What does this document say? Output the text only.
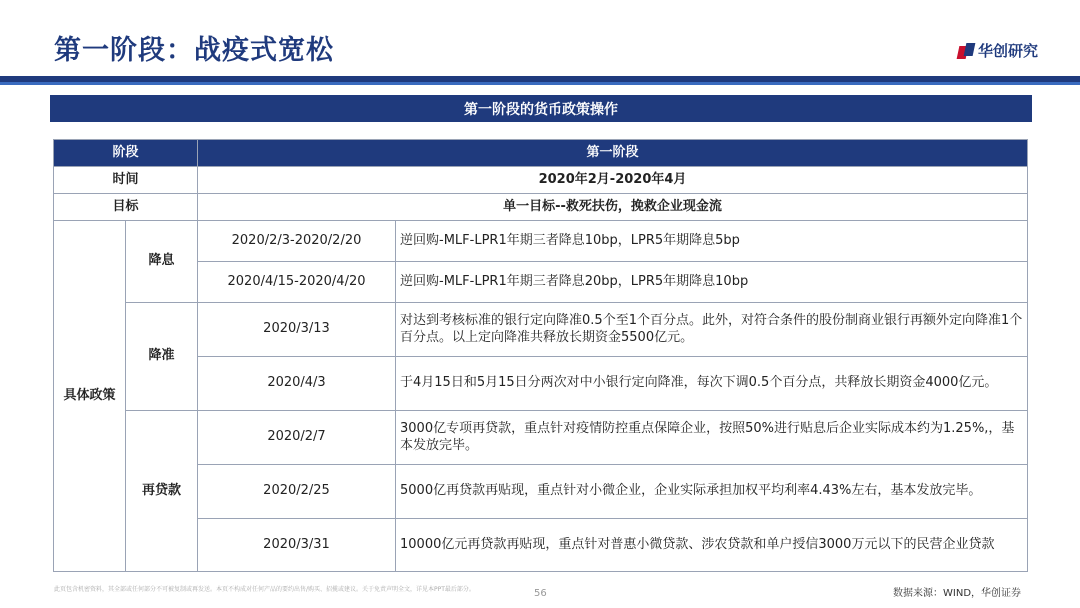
第一阶段：战疫式宽松	华创研究
第一阶段的货币政策操作
阶段		第一阶段	
时间		2020年2月-2020年4月	
目标		单一目标--救死扶伤，挽救企业现金流	
具体政策	降息	2020/2/3-2020/2/20	逆回购-MLF-LPR1年期三者降息10bp，LPR5年期降息5bp
		2020/4/15-2020/4/20	逆回购-MLF-LPR1年期三者降息20bp，LPR5年期降息10bp
	降准	2020/3/13	对达到考核标准的银行定向降准0.5个至1个百分点。此外，对符合条件的股份制商业银行再额外定向降准1个百分点。以上定向降准共释放长期资金5500亿元。
		2020/4/3	于4月15日和5月15日分两次对中小银行定向降准，每次下调0.5个百分点，共释放长期资金4000亿元。
	再贷款	2020/2/7	3000亿专项再贷款，重点针对疫情防控重点保障企业，按照50%进行贴息后企业实际成本约为1.25%,，基本发放完毕。
		2020/2/25	5000亿再贷款再贴现，重点针对小微企业，企业实际承担加权平均利率4.43%左右，基本发放完毕。
		2020/3/31	10000亿元再贷款再贴现，重点针对普惠小微贷款、涉农贷款和单户授信3000万元以下的民营企业贷款
此页包含机密资料，其全部或任何部分不可被复制或再发送。本页不构成对任何产品的要约出售/购买、招揽或建议。关于免责声明全文，详见本PPT最后部分。	56	数据来源：WIND，华创证券
